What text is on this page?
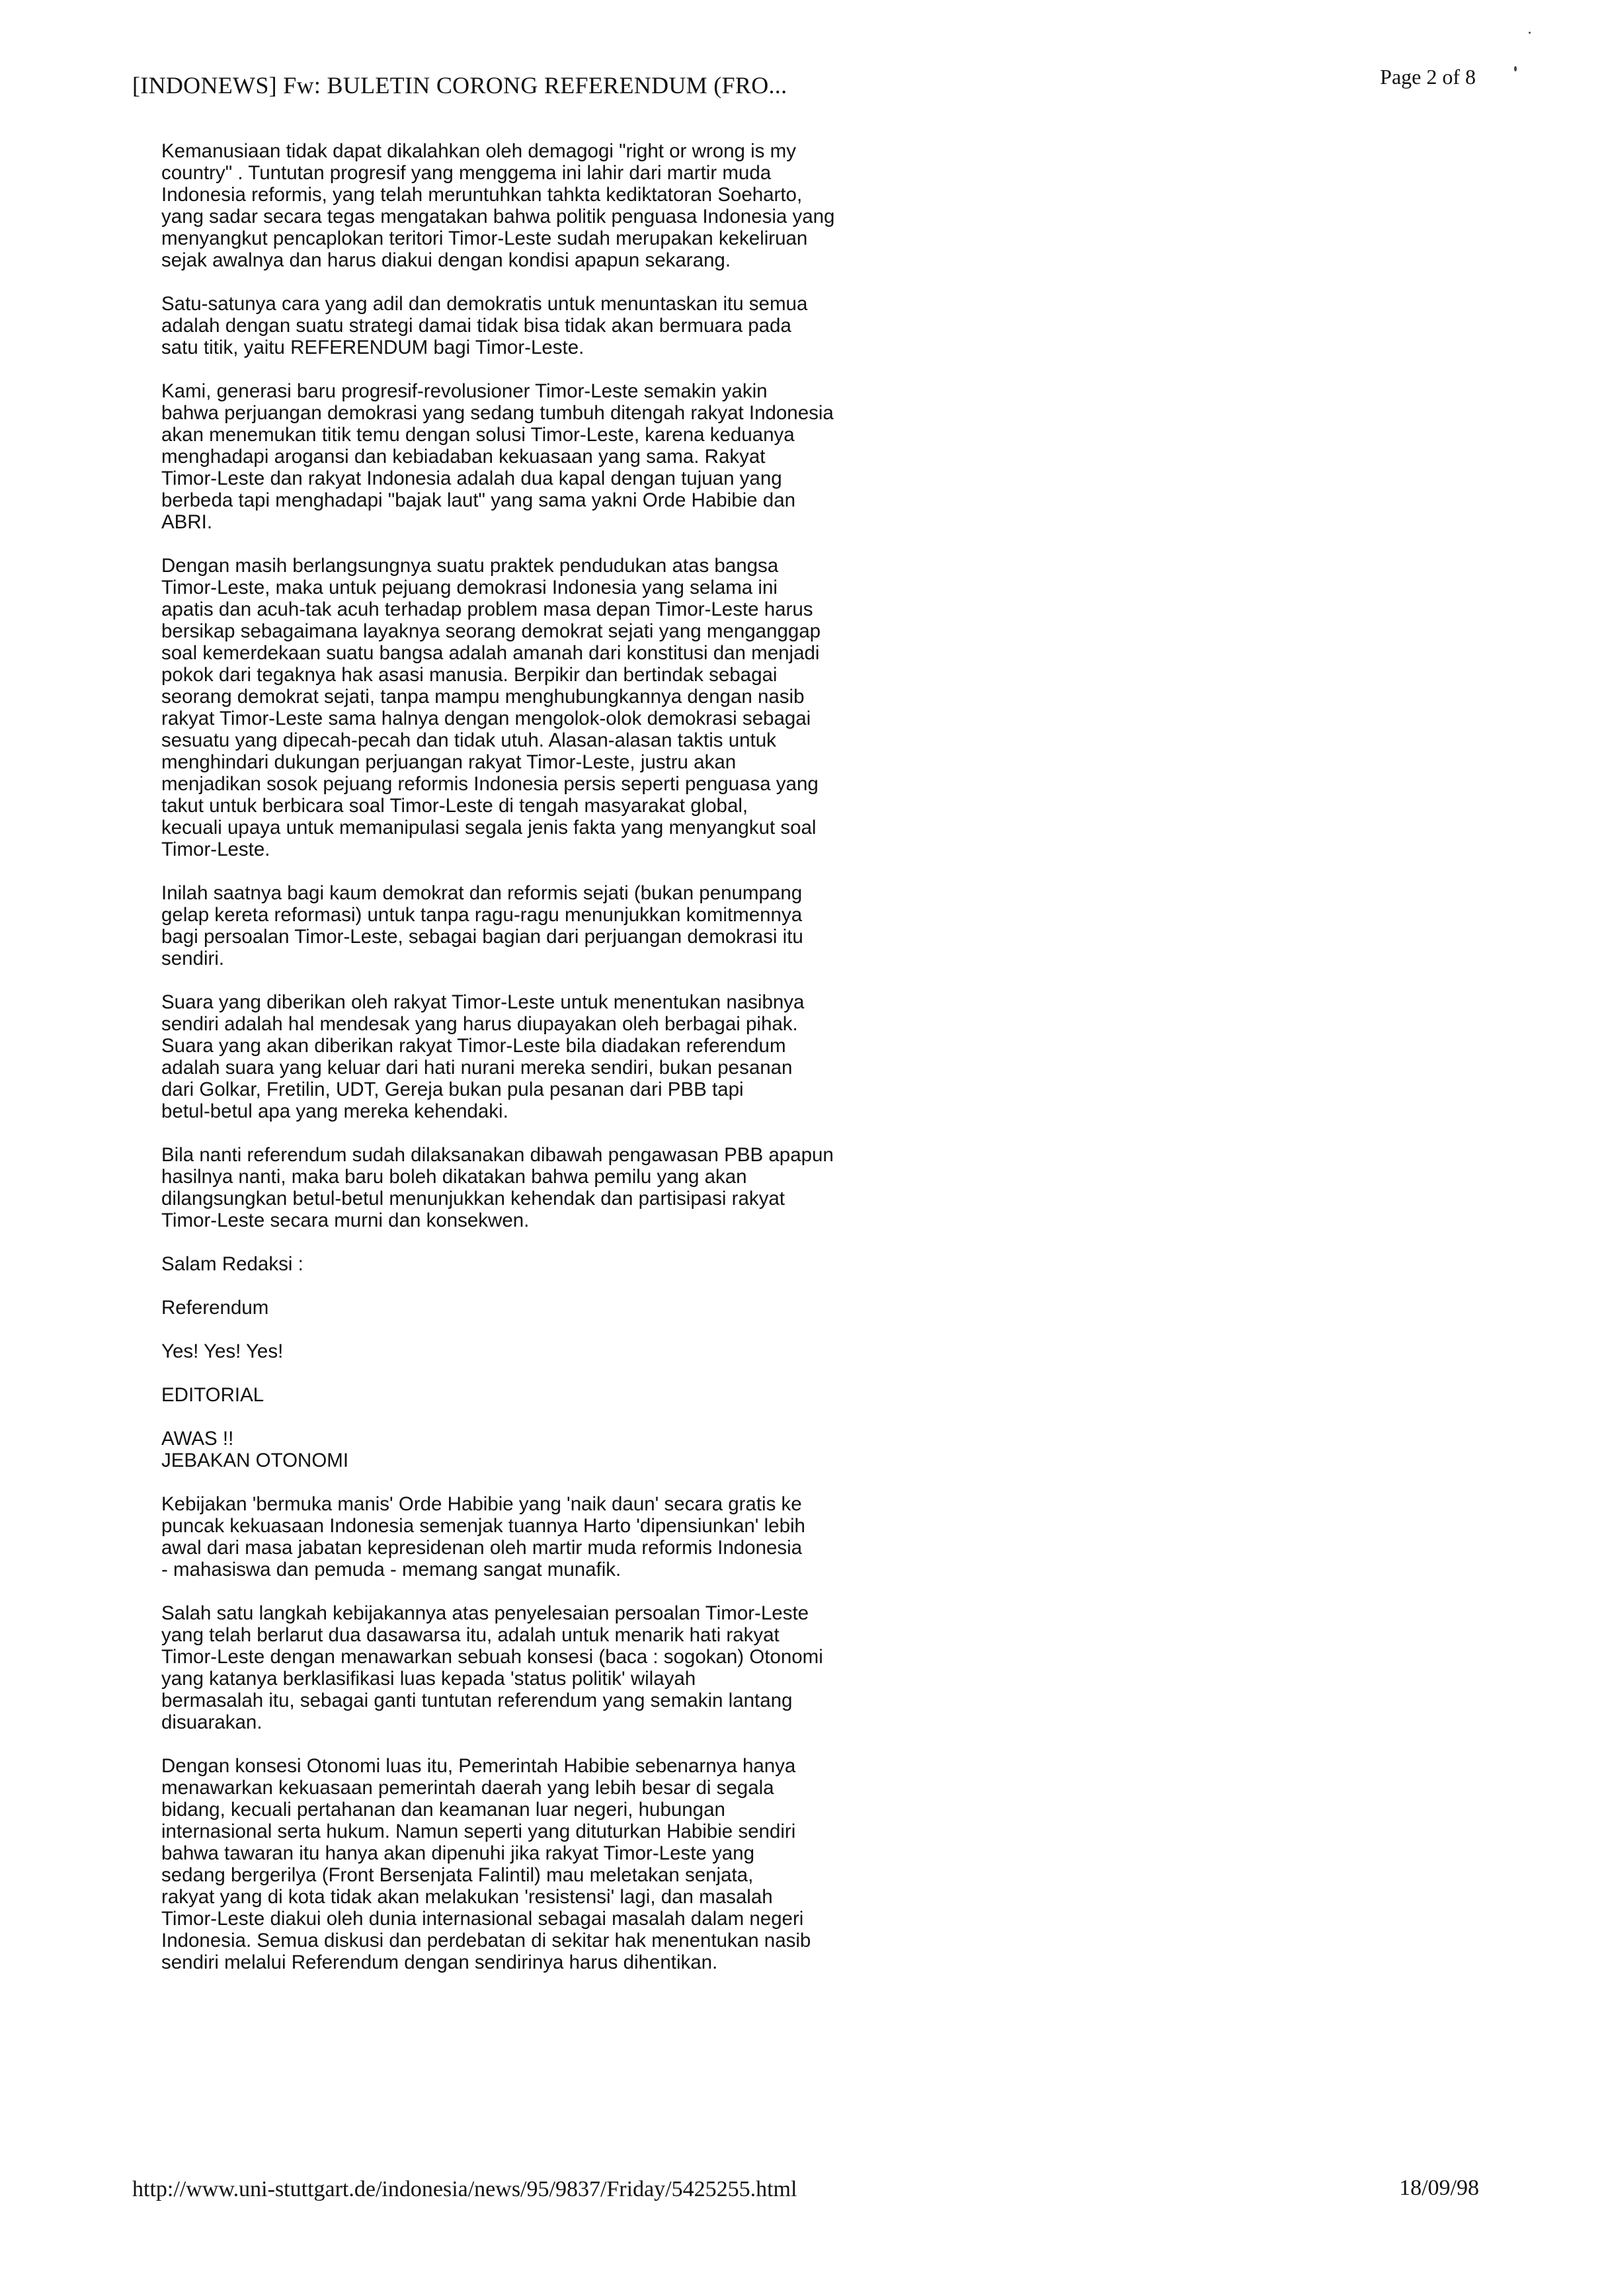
[INDONEWS] Fw: BULETIN CORONG REFERENDUM (FRO...	Page 2 of 8

Kemanusiaan tidak dapat dikalahkan oleh demagogi "right or wrong is my
country" . Tuntutan progresif yang menggema ini lahir dari martir muda
Indonesia reformis, yang telah meruntuhkan tahkta kediktatoran Soeharto,
yang sadar secara tegas mengatakan bahwa politik penguasa Indonesia yang
menyangkut pencaplokan teritori Timor-Leste sudah merupakan kekeliruan
sejak awalnya dan harus diakui dengan kondisi apapun sekarang.

Satu-satunya cara yang adil dan demokratis untuk menuntaskan itu semua
adalah dengan suatu strategi damai tidak bisa tidak akan bermuara pada
satu titik, yaitu REFERENDUM bagi Timor-Leste.

Kami, generasi baru progresif-revolusioner Timor-Leste semakin yakin
bahwa perjuangan demokrasi yang sedang tumbuh ditengah rakyat Indonesia
akan menemukan titik temu dengan solusi Timor-Leste, karena keduanya
menghadapi arogansi dan kebiadaban kekuasaan yang sama. Rakyat
Timor-Leste dan rakyat Indonesia adalah dua kapal dengan tujuan yang
berbeda tapi menghadapi "bajak laut" yang sama yakni Orde Habibie dan
ABRI.

Dengan masih berlangsungnya suatu praktek pendudukan atas bangsa
Timor-Leste, maka untuk pejuang demokrasi Indonesia yang selama ini
apatis dan acuh-tak acuh terhadap problem masa depan Timor-Leste harus
bersikap sebagaimana layaknya seorang demokrat sejati yang menganggap
soal kemerdekaan suatu bangsa adalah amanah dari konstitusi dan menjadi
pokok dari tegaknya hak asasi manusia. Berpikir dan bertindak sebagai
seorang demokrat sejati, tanpa mampu menghubungkannya dengan nasib
rakyat Timor-Leste sama halnya dengan mengolok-olok demokrasi sebagai
sesuatu yang dipecah-pecah dan tidak utuh. Alasan-alasan taktis untuk
menghindari dukungan perjuangan rakyat Timor-Leste, justru akan
menjadikan sosok pejuang reformis Indonesia persis seperti penguasa yang
takut untuk berbicara soal Timor-Leste di tengah masyarakat global,
kecuali upaya untuk memanipulasi segala jenis fakta yang menyangkut soal
Timor-Leste.

Inilah saatnya bagi kaum demokrat dan reformis sejati (bukan penumpang
gelap kereta reformasi) untuk tanpa ragu-ragu menunjukkan komitmennya
bagi persoalan Timor-Leste, sebagai bagian dari perjuangan demokrasi itu
sendiri.

Suara yang diberikan oleh rakyat Timor-Leste untuk menentukan nasibnya
sendiri adalah hal mendesak yang harus diupayakan oleh berbagai pihak.
Suara yang akan diberikan rakyat Timor-Leste bila diadakan referendum
adalah suara yang keluar dari hati nurani mereka sendiri, bukan pesanan
dari Golkar, Fretilin, UDT, Gereja bukan pula pesanan dari PBB tapi
betul-betul apa yang mereka kehendaki.

Bila nanti referendum sudah dilaksanakan dibawah pengawasan PBB apapun
hasilnya nanti, maka baru boleh dikatakan bahwa pemilu yang akan
dilangsungkan betul-betul menunjukkan kehendak dan partisipasi rakyat
Timor-Leste secara murni dan konsekwen.

Salam Redaksi :

Referendum

Yes! Yes! Yes!

EDITORIAL

AWAS !!
JEBAKAN OTONOMI

Kebijakan 'bermuka manis' Orde Habibie yang 'naik daun' secara gratis ke
puncak kekuasaan Indonesia semenjak tuannya Harto 'dipensiunkan' lebih
awal dari masa jabatan kepresidenan oleh martir muda reformis Indonesia
- mahasiswa dan pemuda - memang sangat munafik.

Salah satu langkah kebijakannya atas penyelesaian persoalan Timor-Leste
yang telah berlarut dua dasawarsa itu, adalah untuk menarik hati rakyat
Timor-Leste dengan menawarkan sebuah konsesi (baca : sogokan) Otonomi
yang katanya berklasifikasi luas kepada 'status politik' wilayah
bermasalah itu, sebagai ganti tuntutan referendum yang semakin lantang
disuarakan.

Dengan konsesi Otonomi luas itu, Pemerintah Habibie sebenarnya hanya
menawarkan kekuasaan pemerintah daerah yang lebih besar di segala
bidang, kecuali pertahanan dan keamanan luar negeri, hubungan
internasional serta hukum. Namun seperti yang dituturkan Habibie sendiri
bahwa tawaran itu hanya akan dipenuhi jika rakyat Timor-Leste yang
sedang bergerilya (Front Bersenjata Falintil) mau meletakan senjata,
rakyat yang di kota tidak akan melakukan 'resistensi' lagi, dan masalah
Timor-Leste diakui oleh dunia internasional sebagai masalah dalam negeri
Indonesia. Semua diskusi dan perdebatan di sekitar hak menentukan nasib
sendiri melalui Referendum dengan sendirinya harus dihentikan.

http://www.uni-stuttgart.de/indonesia/news/95/9837/Friday/5425255.html	18/09/98
